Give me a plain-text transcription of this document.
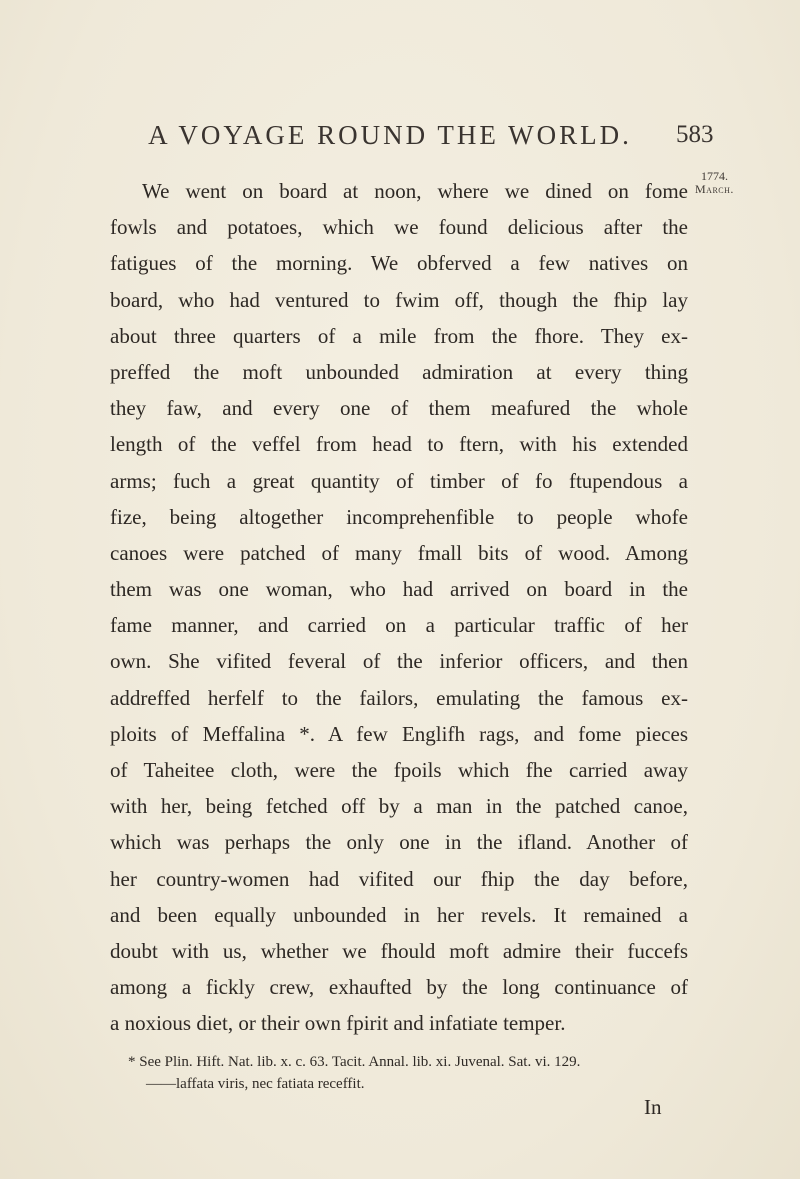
A VOYAGE ROUND THE WORLD.	583
1774.
March.
We went on board at noon, where we dined on fome
fowls and potatoes, which we found delicious after the
fatigues of the morning. We obferved a few natives on
board, who had ventured to fwim off, though the fhip lay
about three quarters of a mile from the fhore. They ex-
preffed the moft unbounded admiration at every thing
they faw, and every one of them meafured the whole
length of the veffel from head to ftern, with his extended
arms; fuch a great quantity of timber of fo ftupendous a
fize, being altogether incomprehenfible to people whofe
canoes were patched of many fmall bits of wood. Among
them was one woman, who had arrived on board in the
fame manner, and carried on a particular traffic of her
own. She vifited feveral of the inferior officers, and then
addreffed herfelf to the failors, emulating the famous ex-
ploits of Meffalina *. A few Englifh rags, and fome pieces
of Taheitee cloth, were the fpoils which fhe carried away
with her, being fetched off by a man in the patched canoe,
which was perhaps the only one in the ifland. Another of
her country-women had vifited our fhip the day before,
and been equally unbounded in her revels. It remained a
doubt with us, whether we fhould moft admire their fuccefs
among a fickly crew, exhaufted by the long continuance of
a noxious diet, or their own fpirit and infatiate temper.
* See Plin. Hift. Nat. lib. x. c. 63. Tacit. Annal. lib. xi. Juvenal. Sat. vi. 129.
——laffata viris, nec fatiata receffit.
In
